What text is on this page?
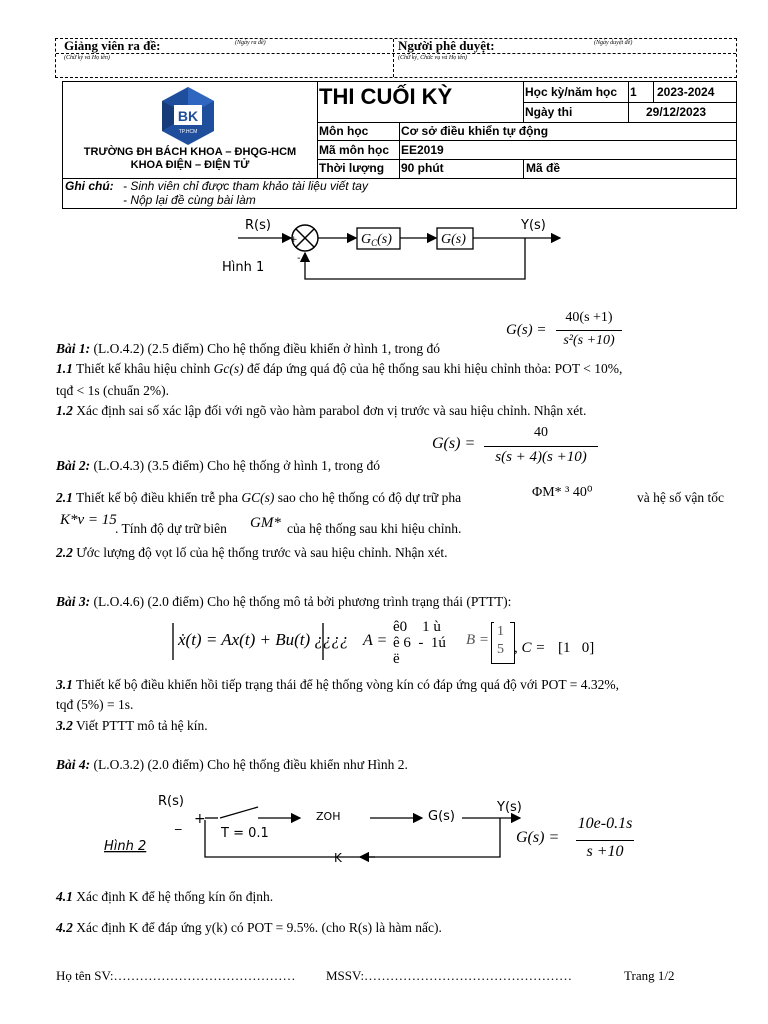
Giảng viên ra đề:	(Ngày ra đề)
(Chữ ký và Họ tên)
Người phê duyệt:	(Ngày duyệt đề)
(Chữ ký, Chức vụ và Họ tên)
BK
TP.HCM
TRƯỜNG ĐH BÁCH KHOA – ĐHQG-HCM
KHOA ĐIỆN – ĐIỆN TỬ
THI CUỐI KỲ	Học kỳ/năm học 1 2023-2024
Ngày thi	29/12/2023
Môn học	Cơ sở điều khiển tự động
Mã môn học EE2019
Thời lượng 90 phút	Mã đề
Ghi chú: - Sinh viên chỉ được tham khảo tài liệu viết tay
- Nộp lại đề cùng bài làm
R(s)	Y(s)
+
-
$G_C(s)$	G(s)
Hình 1
G(s) =
40(s +1)
s²(s +10)
Bài 1: (L.O.4.2) (2.5 điểm) Cho hệ thống điều khiển ở hình 1, trong đó
1.1 Thiết kế khâu hiệu chỉnh Gc(s) để đáp ứng quá độ của hệ thống sau khi hiệu chỉnh thỏa: POT < 10%,
tqđ < 1s (chuẩn 2%).
1.2 Xác định sai số xác lập đối với ngõ vào hàm parabol đơn vị trước và sau hiệu chỉnh. Nhận xét.
G(s) =
40
s(s + 4)(s +10)
Bài 2: (L.O.4.3) (3.5 điểm) Cho hệ thống ở hình 1, trong đó
2.1 Thiết kế bộ điều khiển trễ pha GC(s) sao cho hệ thống có độ dự trữ pha	ΦM* ³ 40⁰	và hệ số vận tốc
K*v = 15
. Tính độ dự trữ biên GM* của hệ thống sau khi hiệu chỉnh.
2.2 Ước lượng độ vọt lố của hệ thống trước và sau hiệu chỉnh. Nhận xét.
Bài 3: (L.O.4.6) (2.0 điểm) Cho hệ thống mô tả bởi phương trình trạng thái (PTTT):
ẋ(t) = Ax(t) + Bu(t) ¿¿¿¿ A =
ê0    1 ù
ê 6  -  1ú
ë
B =
1
5 , C = [1   0]
3.1 Thiết kế bộ điều khiển hồi tiếp trạng thái để hệ thống vòng kín có đáp ứng quá độ với POT = 4.32%,
tqđ (5%) = 1s.
3.2 Viết PTTT mô tả hệ kín.
Bài 4: (L.O.3.2) (2.0 điểm) Cho hệ thống điều khiển như Hình 2.
R(s)
+
_
T = 0.1
ZOH	G(s)
Y(s)
K
Hình 2
G(s) =
10e-0.1s
s +10
4.1 Xác định K để hệ thống kín ổn định.
4.2 Xác định K để đáp ứng y(k) có POT = 9.5%. (cho R(s) là hàm nấc).
Họ tên SV:…………………………………… MSSV:…………………………………………	Trang 1/2
